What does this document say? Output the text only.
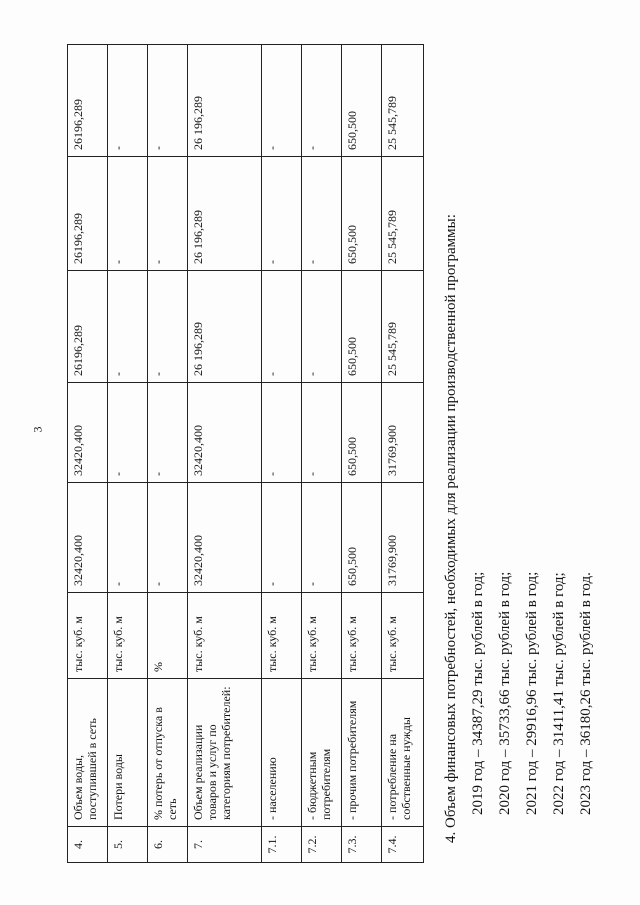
3
4.	Объем воды, поступившей в сеть	тыс. куб. м	32420,400	32420,400	26196,289	26196,289	26196,289
5.	Потери воды	тыс. куб. м	-	-	-	-	-
6.	% потерь от отпуска в сеть	%	-	-	-	-	-
7.	Объем реализации товаров и услуг по категориям потребителей:	тыс. куб. м	32420,400	32420,400	26 196,289	26 196,289	26 196,289
7.1.	- населению	тыс. куб. м	-	-	-	-	-
7.2.	- бюджетным потребителям	тыс. куб. м	-	-	-	-	-
7.3.	- прочим потребителям	тыс. куб. м	650,500	650,500	650,500	650,500	650,500
7.4.	- потребление на собственные нужды	тыс. куб. м	31769,900	31769,900	25 545,789	25 545,789	25 545,789

4. Объем финансовых потребностей, необходимых для реализации производственной программы: 2019 год – 34387,29 тыс. рублей в год; 2020 год – 35733,66 тыс. рублей в год; 2021 год – 29916,96 тыс. рублей в год; 2022 год – 31411,41 тыс. рублей в год; 2023 год – 36180,26 тыс. рублей в год.
